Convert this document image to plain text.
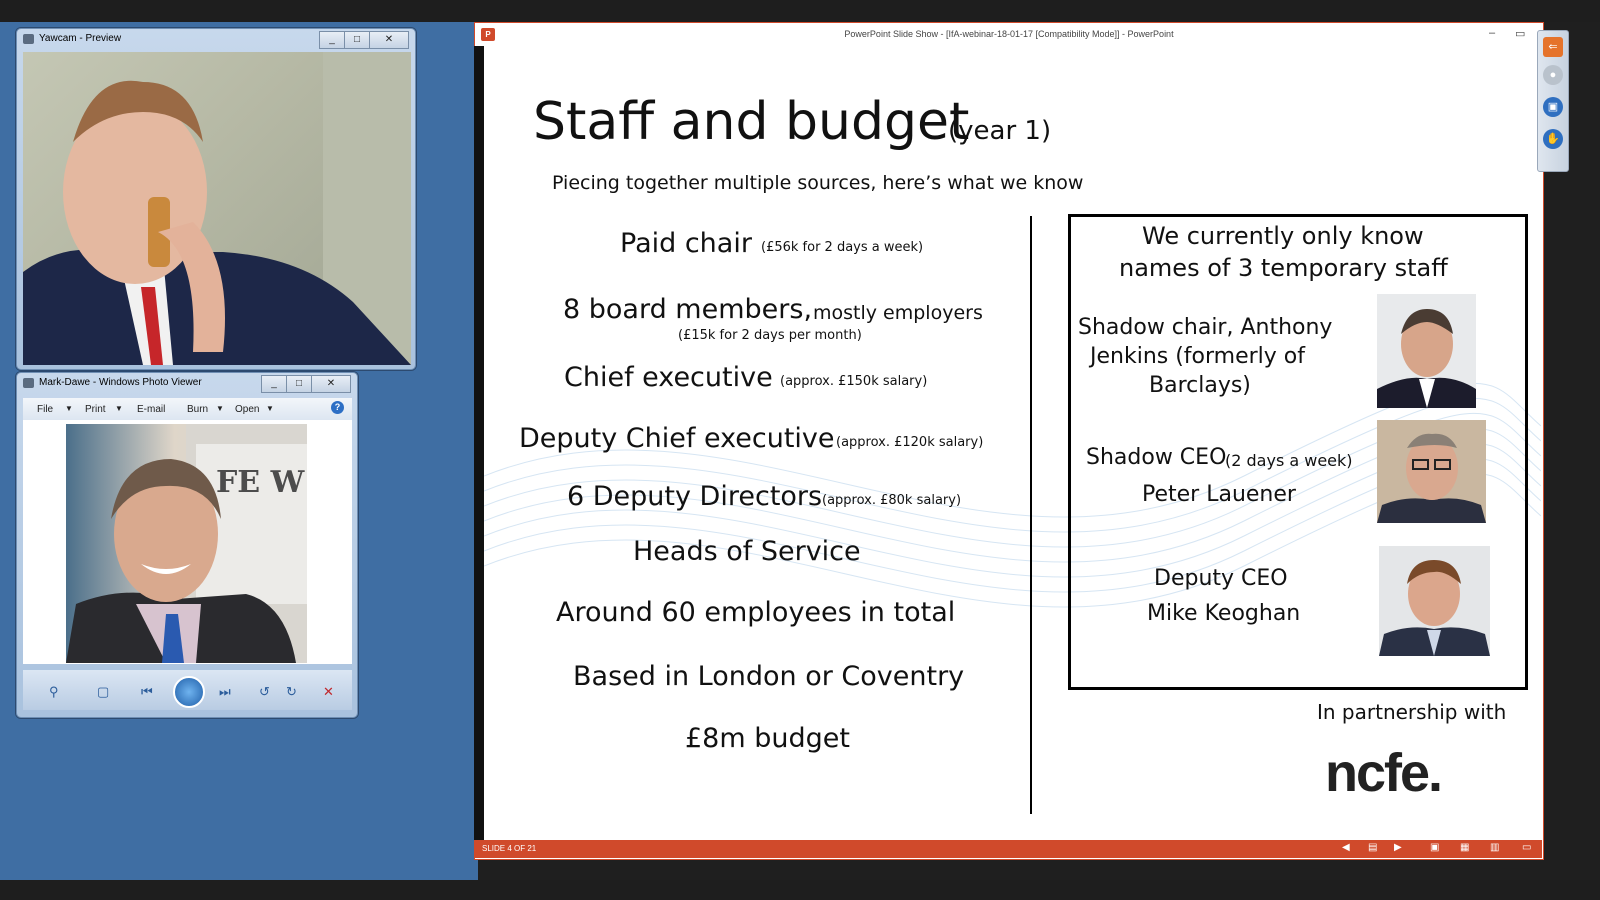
Yawcam - Preview	_	□	✕
Mark-Dawe - Windows Photo Viewer	_	□	✕
File ▼ Print ▼ E-mail Burn ▼ Open ▼	?
FE W
⚲	▢ ⏮	⏭ ↺ ↻ ✕
P	PowerPoint Slide Show - [IfA-webinar-18-01-17 [Compatibility Mode]] - PowerPoint	– ▭
Staff and budget
(year 1)
Piecing together multiple sources, here’s what we know
Paid chair (£56k for 2 days a week)
8 board members, mostly employers
(£15k for 2 days per month)
Chief executive (approx. £150k salary)
Deputy Chief executive (approx. £120k salary)
6 Deputy Directors (approx. £80k salary)
Heads of Service
Around 60 employees in total
Based in London or Coventry
£8m budget
We currently only know
names of 3 temporary staff
Shadow chair, Anthony
Jenkins (formerly of
Barclays)
Shadow CEO
(2 days a week)
Peter Lauener
Deputy CEO
Mike Keoghan
In partnership with
ncfe.
SLIDE 4 OF 21	◀ ▤ ▶	▣ ▦ ▥ ▭
⇐
●
▣
✋
